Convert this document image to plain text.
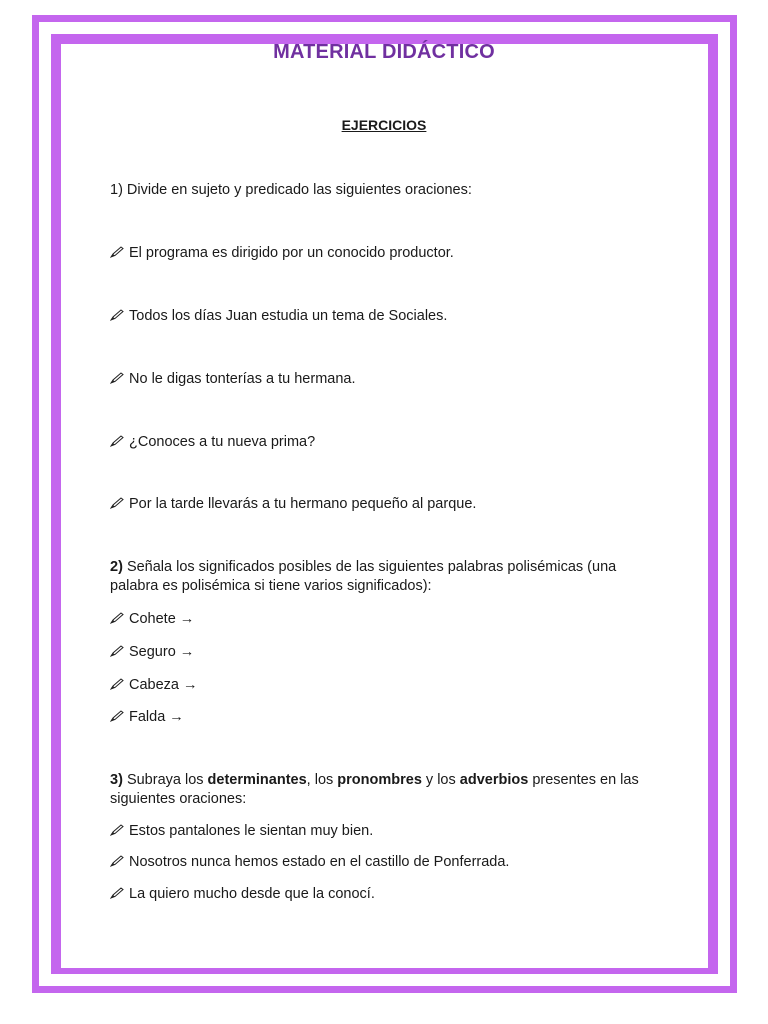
MATERIAL DIDÁCTICO
EJERCICIOS
1) Divide en sujeto y predicado las siguientes oraciones:
El programa es dirigido por un conocido productor.
Todos los días Juan estudia un tema de Sociales.
No le digas tonterías a tu hermana.
¿Conoces a tu nueva prima?
Por la tarde llevarás a tu hermano pequeño al parque.
2) Señala los significados posibles de las siguientes palabras polisémicas (una palabra es polisémica si tiene varios significados):
Cohete →
Seguro →
Cabeza →
Falda →
3) Subraya los determinantes, los pronombres y los adverbios presentes en las siguientes oraciones:
Estos pantalones le sientan muy bien.
Nosotros nunca hemos estado en el castillo de Ponferrada.
La quiero mucho desde que la conocí.
